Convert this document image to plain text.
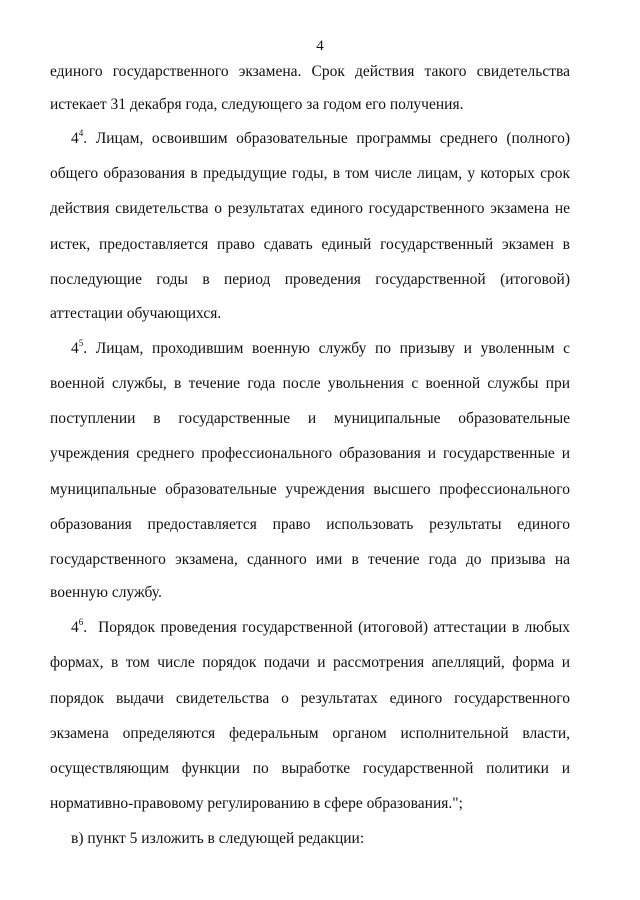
4
единого государственного экзамена. Срок действия такого свидетельства
истекает 31 декабря года, следующего за годом его получения.
$4^4$. Лицам, освоившим образовательные программы среднего (полного)
общего образования в предыдущие годы, в том числе лицам, у которых срок
действия свидетельства о результатах единого государственного экзамена не
истек, предоставляется право сдавать единый государственный экзамен в
последующие годы в период проведения государственной (итоговой)
аттестации обучающихся.
$4^5$. Лицам, проходившим военную службу по призыву и уволенным с
военной службы, в течение года после увольнения с военной службы при
поступлении в государственные и муниципальные образовательные
учреждения среднего профессионального образования и государственные и
муниципальные образовательные учреждения высшего профессионального
образования предоставляется право использовать результаты единого
государственного экзамена, сданного ими в течение года до призыва на
военную службу.
$4^6$. Порядок проведения государственной (итоговой) аттестации в любых
формах, в том числе порядок подачи и рассмотрения апелляций, форма и
порядок выдачи свидетельства о результатах единого государственного
экзамена определяются федеральным органом исполнительной власти,
осуществляющим функции по выработке государственной политики и
нормативно-правовому регулированию в сфере образования.";
в) пункт 5 изложить в следующей редакции:
